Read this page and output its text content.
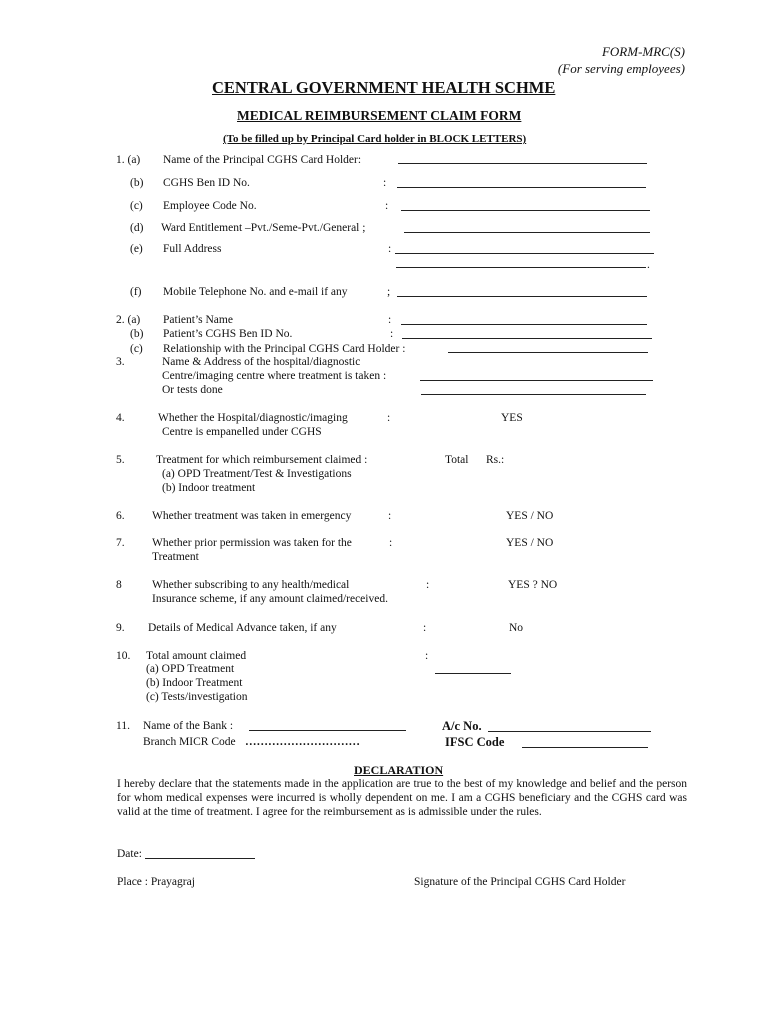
FORM-MRC(S)
(For serving employees)
CENTRAL GOVERNMENT HEALTH SCHME
MEDICAL REIMBURSEMENT CLAIM FORM
(To be filled up by Principal Card holder in BLOCK LETTERS)
1. (a) Name of the Principal CGHS Card Holder:
(b) CGHS Ben ID No.	:
(c) Employee Code No.	:
(d) Ward Entitlement –Pvt./Seme-Pvt./General ;
(e) Full Address	:
.
(f) Mobile Telephone No. and e-mail if any	;
2. (a) Patient’s Name	:
(b) Patient’s CGHS Ben ID No.	:
(c) Relationship with the Principal CGHS Card Holder :
3.	Name & Address of the hospital/diagnostic
Centre/imaging centre where treatment is taken :
Or tests done
4.	Whether the Hospital/diagnostic/imaging	:	YES
Centre is empanelled under CGHS
5.	Treatment for which reimbursement claimed :	Total Rs.:
(a) OPD Treatment/Test & Investigations
(b) Indoor treatment
6. Whether treatment was taken in emergency	:	YES / NO
7. Whether prior permission was taken for the	:	YES / NO
Treatment
8	Whether subscribing to any health/medical	:	YES ? NO
Insurance scheme, if any amount claimed/received.
9. Details of Medical Advance taken, if any	:	No
10. Total amount claimed	:
(a) OPD Treatment
(b) Indoor Treatment
(c) Tests/investigation
11. Name of the Bank :	A/c No.
Branch MICR Code …………………………	IFSC Code
DECLARATION
I hereby declare that the statements made in the application are true to the best of my knowledge and belief and the person for whom medical expenses were incurred is wholly dependent on me. I am a CGHS beneficiary and the CGHS card was valid at the time of treatment. I agree for the reimbursement as is admissible under the rules.
Date:
Place : Prayagraj	Signature of the Principal CGHS Card Holder
